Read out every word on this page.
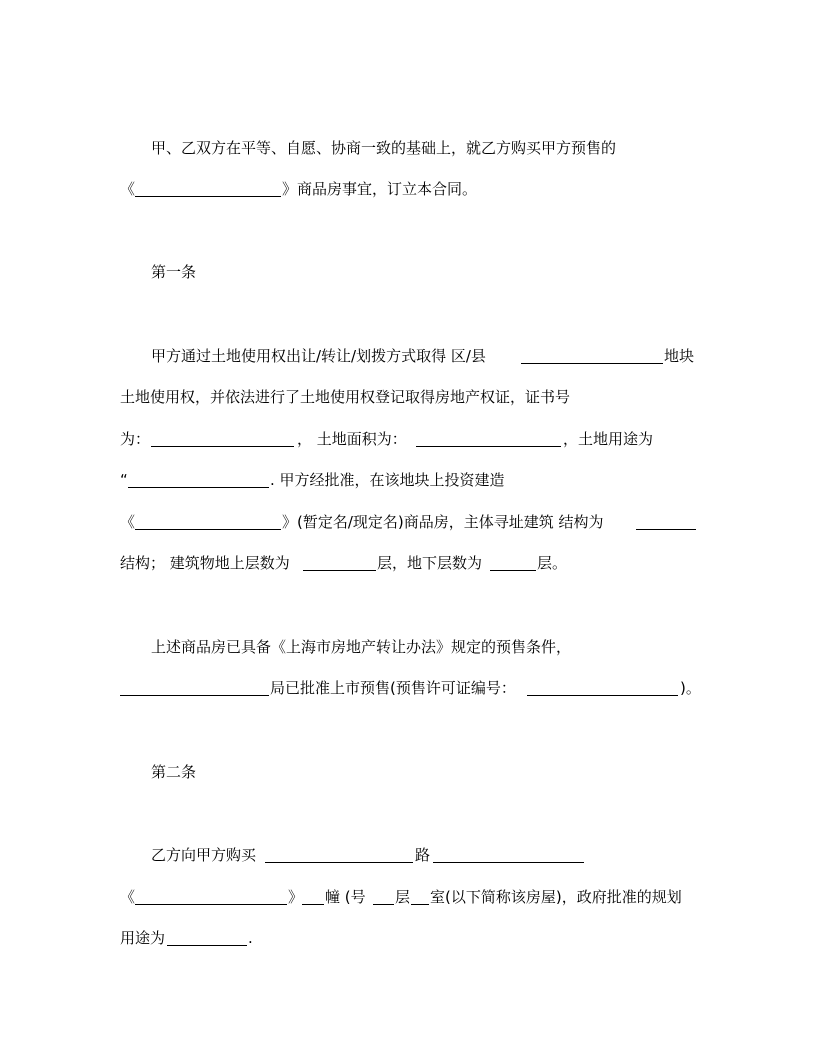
甲、乙双方在平等、自愿、协商一致的基础上，就乙方购买甲方预售的
《	》商品房事宜，订立本合同。
第一条
甲方通过土地使用权出让/转让/划拨方式取得 区/县	地块
土地使用权，并依法进行了土地使用权登记取得房地产权证，证书号
为：	， 土地面积为：	，土地用途为
“	. 甲方经批准，在该地块上投资建造
《	》(暂定名/现定名)商品房，主体寻址建筑 结构为
结构； 建筑物地上层数为	层，地下层数为	层。
上述商品房已具备《上海市房地产转让办法》规定的预售条件，
局已批准上市预售(预售许可证编号：	)。
第二条
乙方向甲方购买	路
《	》 幢 (号 层 室(以下简称该房屋)，政府批准的规划
用途为	.
